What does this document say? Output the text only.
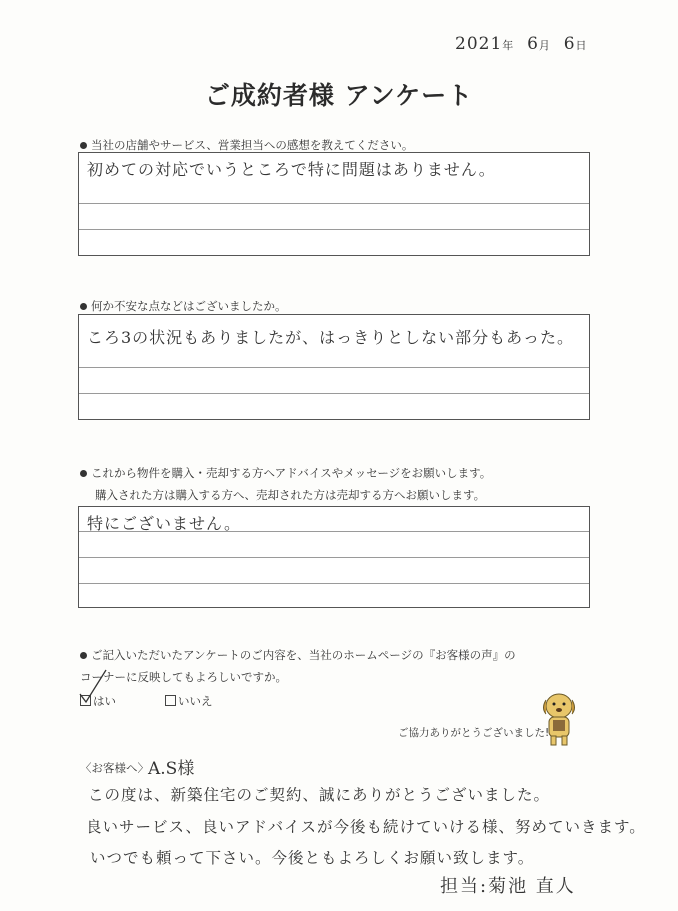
2021年 6月 6日
ご成約者様 アンケート
当社の店舗やサービス、営業担当への感想を教えてください。
初めての対応でいうところで特に問題はありません。
何か不安な点などはございましたか。
ころ3の状況もありましたが、はっきりとしない部分もあった。
これから物件を購入・売却する方へアドバイスやメッセージをお願いします。
購入された方は購入する方へ、売却された方は売却する方へお願いします。
特にございません。
ご記入いただいたアンケートのご内容を、当社のホームページの『お客様の声』の
コーナーに反映してもよろしいですか。
はい	いいえ
ご協力ありがとうございました!
〈お客様へ〉 A.S様
この度は、新築住宅のご契約、誠にありがとうございました。
良いサービス、良いアドバイスが今後も続けていける様、努めていきます。
いつでも頼って下さい。今後ともよろしくお願い致します。
担当:菊池 直人
